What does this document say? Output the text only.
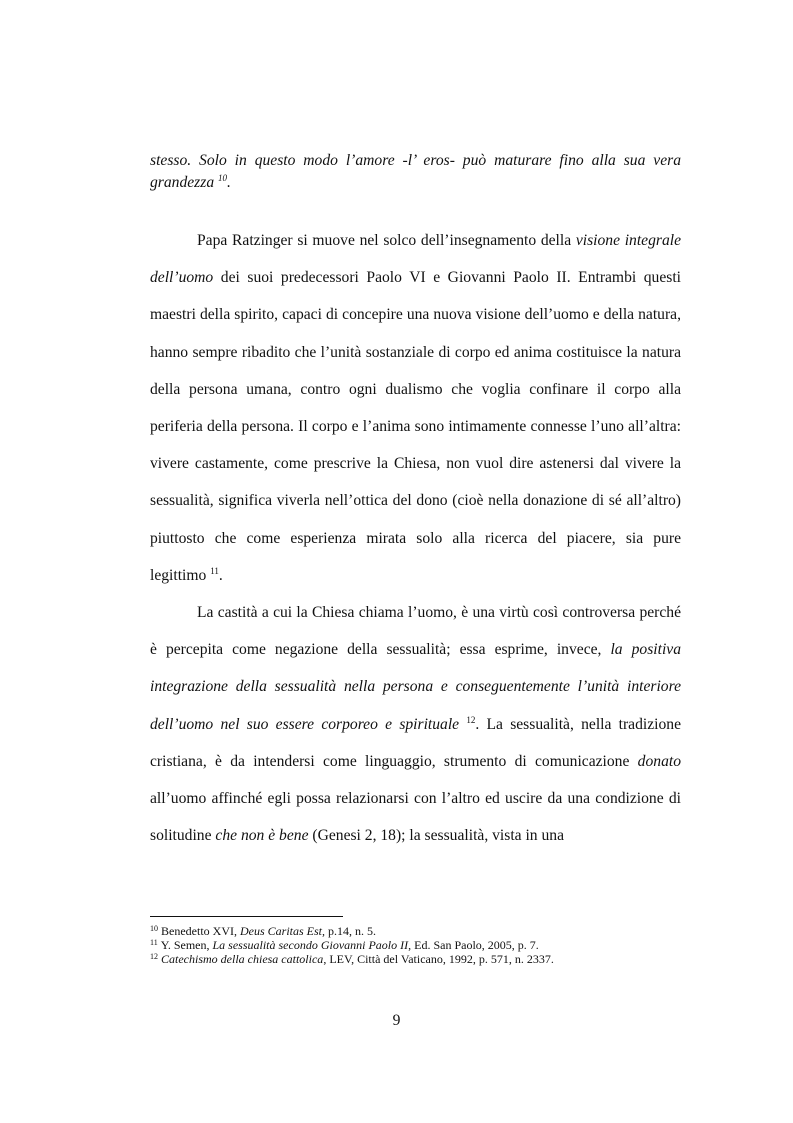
stesso. Solo in questo modo l’amore -l’ eros- può maturare fino alla sua vera grandezza $^{10}$.

Papa Ratzinger si muove nel solco dell’insegnamento della visione integrale dell’uomo dei suoi predecessori Paolo VI e Giovanni Paolo II. Entrambi questi maestri della spirito, capaci di concepire una nuova visione dell’uomo e della natura, hanno sempre ribadito che l’unità sostanziale di corpo ed anima costituisce la natura della persona umana, contro ogni dualismo che voglia confinare il corpo alla periferia della persona. Il corpo e l’anima sono intimamente connesse l’uno all’altra: vivere castamente, come prescrive la Chiesa, non vuol dire astenersi dal vivere la sessualità, significa viverla nell’ottica del dono (cioè nella donazione di sé all’altro) piuttosto che come esperienza mirata solo alla ricerca del piacere, sia pure legittimo $^{11}$.

La castità a cui la Chiesa chiama l’uomo, è una virtù così controversa perché è percepita come negazione della sessualità; essa esprime, invece, la positiva integrazione della sessualità nella persona e conseguentemente l’unità interiore dell’uomo nel suo essere corporeo e spirituale $^{12}$. La sessualità, nella tradizione cristiana, è da intendersi come linguaggio, strumento di comunicazione donato all’uomo affinché egli possa relazionarsi con l’altro ed uscire da una condizione di solitudine che non è bene (Genesi 2, 18); la sessualità, vista in una

$^{10}$ Benedetto XVI, Deus Caritas Est, p.14, n. 5.

$^{11}$ Y. Semen, La sessualità secondo Giovanni Paolo II, Ed. San Paolo, 2005, p. 7.

$^{12}$ Catechismo della chiesa cattolica, LEV, Città del Vaticano, 1992, p. 571, n. 2337.

9
